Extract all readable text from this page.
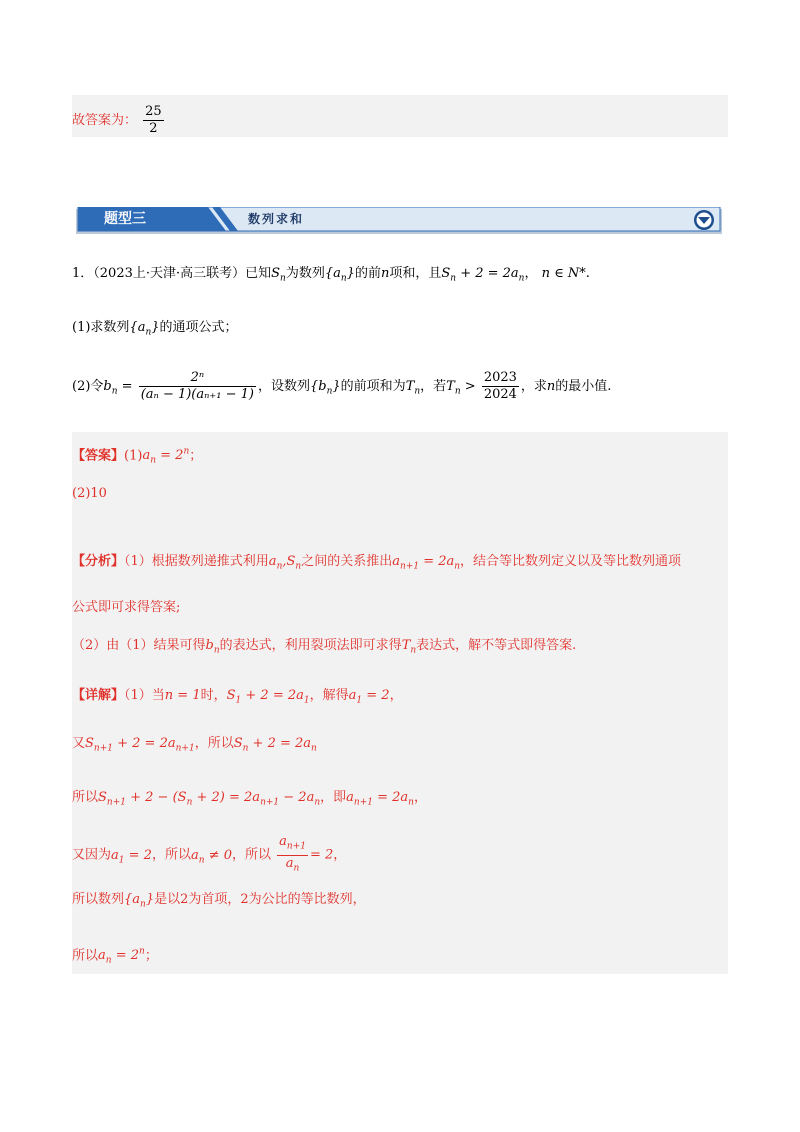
故答案为： $\frac{25}{2}$
题型三	数列求和
1．（2023上·天津·高三联考）已知$S_n$为数列$\{a_n\}$的前n项和，且$S_n + 2 = 2a_n$， n ∈ N*.
(1)求数列$\{a_n\}$的通项公式；
(2)令$b_n = \frac{\text{2ⁿ}}{\text{(aₙ − 1)(aₙ₊₁ − 1)}}$ ，设数列$\{b_n\}$的前项和为$T_n$，若$T_n > \frac{2023}{2024}$ ，求n的最小值.
【答案】$(1)a_n = 2^n$；
(2)10
【分析】（1）根据数列递推式利用$a_n,S_n$之间的关系推出$a_{n+1} = 2a_n$，结合等比数列定义以及等比数列通项
公式即可求得答案;
（2）由（1）结果可得$b_n$的表达式，利用裂项法即可求得$T_n$表达式，解不等式即得答案.
【详解】（1）当n = 1时，$S_1 + 2 = 2a_1$，解得$a_1 = 2$，
又$S_{n+1} + 2 = 2a_{n+1}$，所以$S_n + 2 = 2a_n$
所以$S_{n+1} + 2 - (S_n + 2) = 2a_{n+1} - 2a_n$，即$a_{n+1} = 2a_n$，
又因为$a_1 = 2$，所以$a_n \ne 0$，所以 $\frac{a_{n+1}}{a_n} = 2$，
所以数列$\{a_n\}$是以2为首项，2为公比的等比数列，
所以$a_n = 2^n$；
